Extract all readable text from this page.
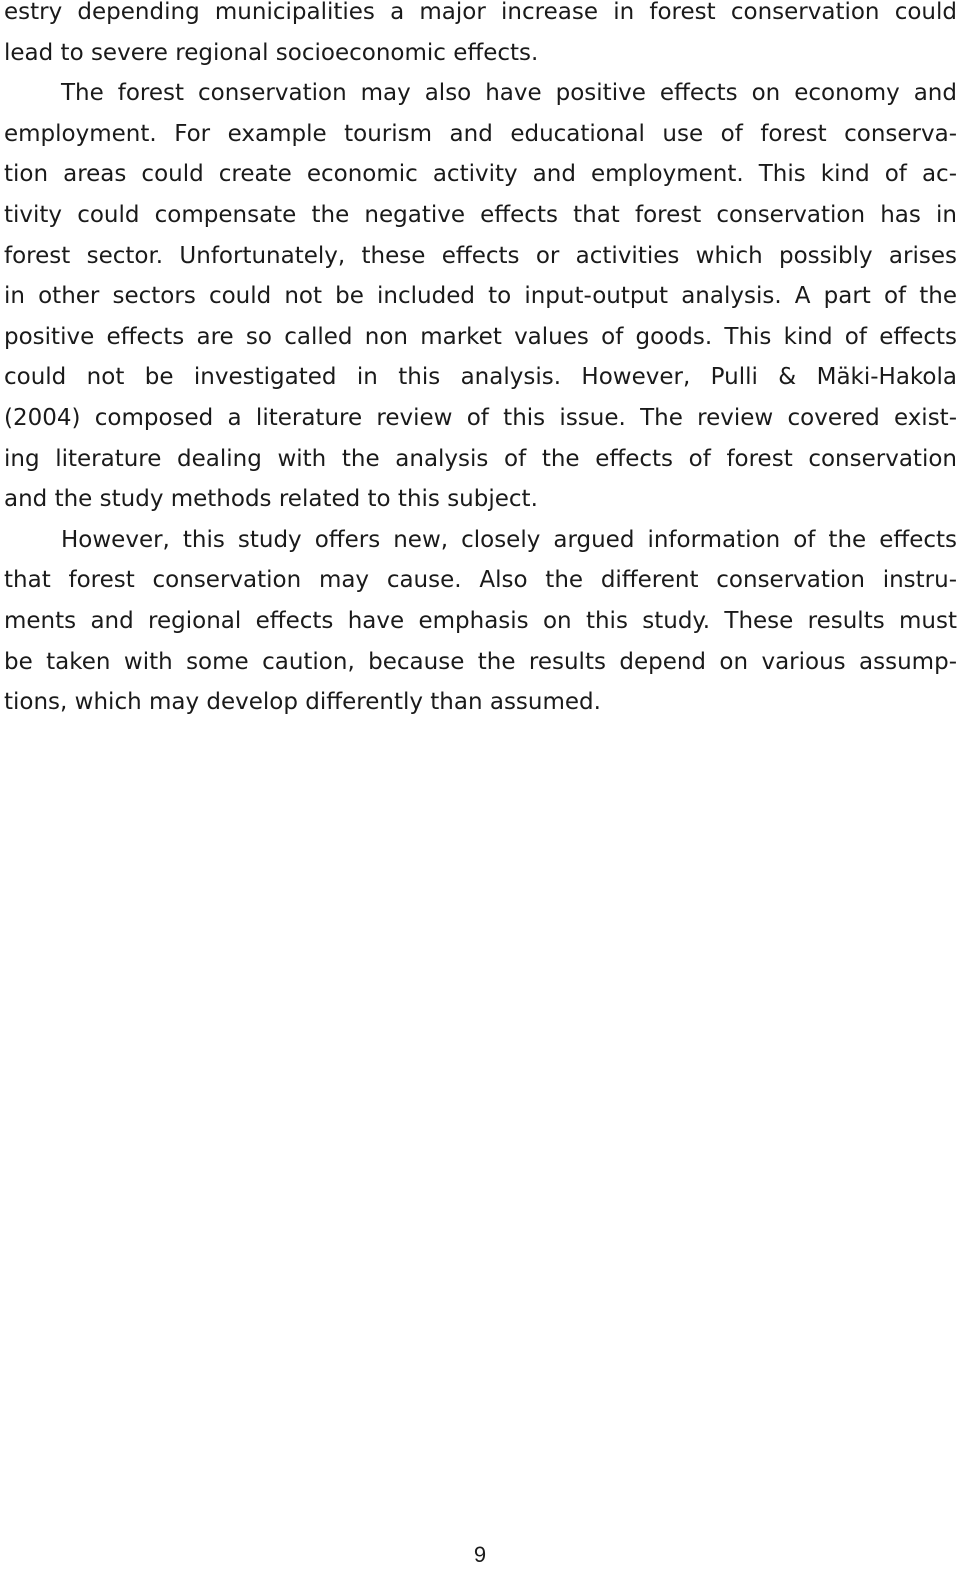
estry depending municipalities a major increase in forest conservation could
lead to severe regional socioeconomic effects.
The forest conservation may also have positive effects on economy and
employment. For example tourism and educational use of forest conserva-
tion areas could create economic activity and employment. This kind of ac-
tivity could compensate the negative effects that forest conservation has in
forest sector. Unfortunately, these effects or activities which possibly arises
in other sectors could not be included to input-output analysis. A part of the
positive effects are so called non market values of goods. This kind of effects
could not be investigated in this analysis. However, Pulli & Mäki-Hakola
(2004) composed a literature review of this issue. The review covered exist-
ing literature dealing with the analysis of the effects of forest conservation
and the study methods related to this subject.
However, this study offers new, closely argued information of the effects
that forest conservation may cause. Also the different conservation instru-
ments and regional effects have emphasis on this study. These results must
be taken with some caution, because the results depend on various assump-
tions, which may develop differently than assumed.
9
